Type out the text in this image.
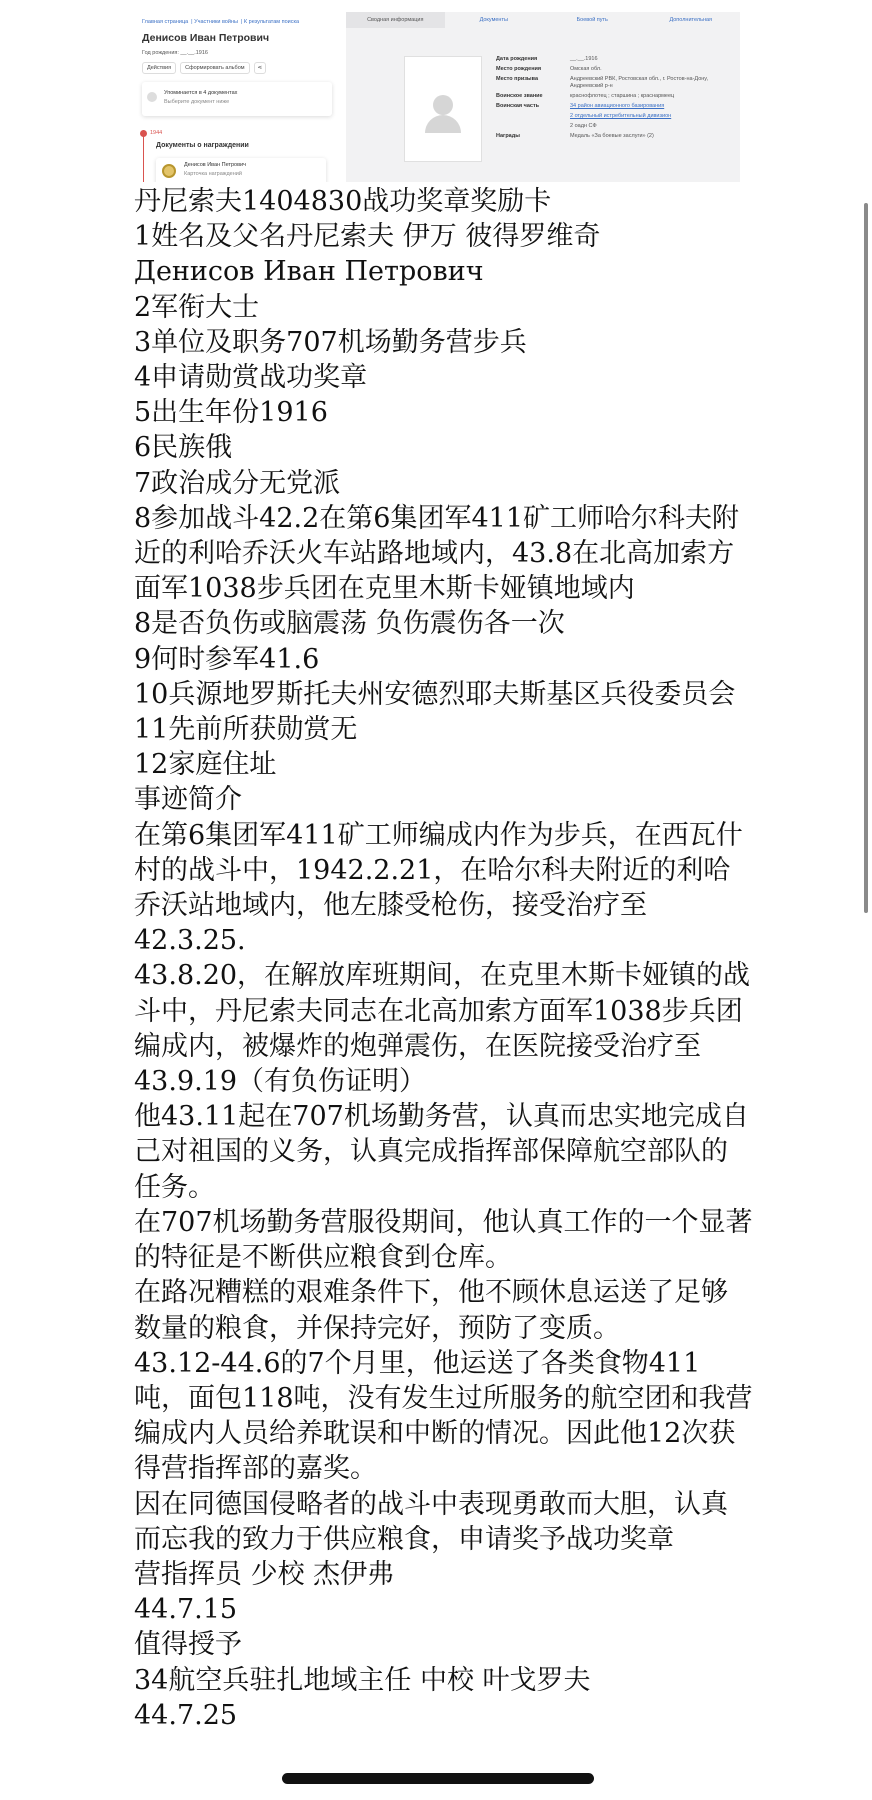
Главная страница | Участники войны | К результатам поиска
Денисов Иван Петрович
Год рождения: __.__.1916
Действия	Сформировать альбом	⋖
Упоминается в 4 документах
Выберите документ ниже
1944
Документы о награждении
Денисов Иван Петрович
Карточка награждений
Сводная информация	Документы	Боевой путь	Дополнительная
Дата рождения	__.__.1916
Место рождения	Омская обл.
Место призыва	Андреевский РВК, Ростовская обл., г. Ростов-на-Дону, Андреевский р-н
Воинское звание	краснофлотец ; старшина ; краснармеец
Воинская часть	34 район авиационного базирования
2 отдельный истребительный дивизион
2 оадн СФ
Награды	Медаль «За боевые заслуги» (2)

丹尼索夫1404830战功奖章奖励卡

1姓名及父名丹尼索夫 伊万 彼得罗维奇

Денисов Иван Петрович

2军衔大士

3单位及职务707机场勤务营步兵

4申请勋赏战功奖章

5出生年份1916

6民族俄

7政治成分无党派

8参加战斗42.2在第6集团军411矿工师哈尔科夫附近的利哈乔沃火车站路地域内，43.8在北高加索方面军1038步兵团在克里木斯卡娅镇地域内

8是否负伤或脑震荡 负伤震伤各一次

9何时参军41.6

10兵源地罗斯托夫州安德烈耶夫斯基区兵役委员会

11先前所获勋赏无

12家庭住址

事迹简介

在第6集团军411矿工师编成内作为步兵，在西瓦什村的战斗中，1942.2.21，在哈尔科夫附近的利哈乔沃站地域内，他左膝受枪伤，接受治疗至42.3.25.

43.8.20，在解放库班期间，在克里木斯卡娅镇的战斗中，丹尼索夫同志在北高加索方面军1038步兵团编成内，被爆炸的炮弹震伤，在医院接受治疗至43.9.19（有负伤证明）

他43.11起在707机场勤务营，认真而忠实地完成自己对祖国的义务，认真完成指挥部保障航空部队的任务。

在707机场勤务营服役期间，他认真工作的一个显著的特征是不断供应粮食到仓库。

在路况糟糕的艰难条件下，他不顾休息运送了足够数量的粮食，并保持完好，预防了变质。

43.12-44.6的7个月里，他运送了各类食物411吨，面包118吨，没有发生过所服务的航空团和我营编成内人员给养耽误和中断的情况。因此他12次获得营指挥部的嘉奖。

因在同德国侵略者的战斗中表现勇敢而大胆，认真而忘我的致力于供应粮食，申请奖予战功奖章

营指挥员 少校 杰伊弗

44.7.15

值得授予

34航空兵驻扎地域主任 中校 叶戈罗夫

44.7.25
